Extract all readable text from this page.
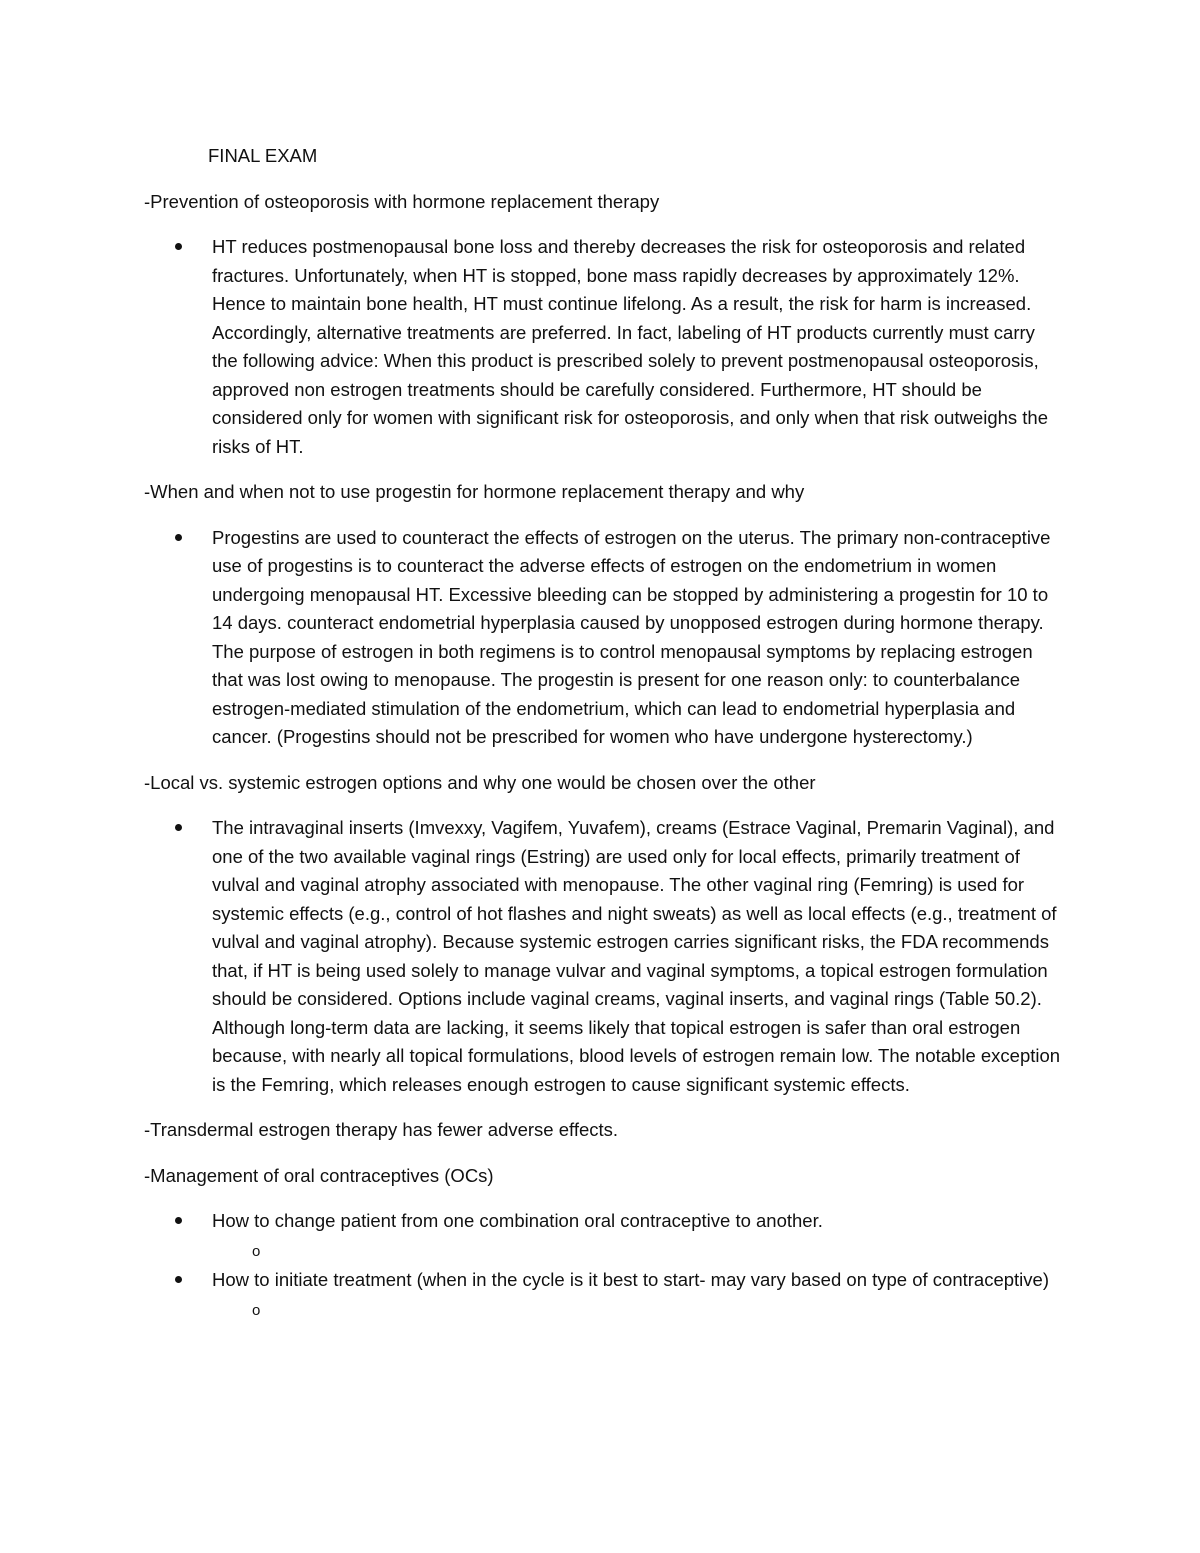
FINAL EXAM
-Prevention of osteoporosis with hormone replacement therapy
HT reduces postmenopausal bone loss and thereby decreases the risk for osteoporosis and related fractures. Unfortunately, when HT is stopped, bone mass rapidly decreases by approximately 12%. Hence to maintain bone health, HT must continue lifelong. As a result, the risk for harm is increased. Accordingly, alternative treatments are preferred. In fact, labeling of HT products currently must carry the following advice: When this product is prescribed solely to prevent postmenopausal osteoporosis, approved non estrogen treatments should be carefully considered. Furthermore, HT should be considered only for women with significant risk for osteoporosis, and only when that risk outweighs the risks of HT.
-When and when not to use progestin for hormone replacement therapy and why
Progestins are used to counteract the effects of estrogen on the uterus. The primary non-contraceptive use of progestins is to counteract the adverse effects of estrogen on the endometrium in women undergoing menopausal HT. Excessive bleeding can be stopped by administering a progestin for 10 to 14 days. counteract endometrial hyperplasia caused by unopposed estrogen during hormone therapy. The purpose of estrogen in both regimens is to control menopausal symptoms by replacing estrogen that was lost owing to menopause. The progestin is present for one reason only: to counterbalance estrogen-mediated stimulation of the endometrium, which can lead to endometrial hyperplasia and cancer. (Progestins should not be prescribed for women who have undergone hysterectomy.)
-Local vs. systemic estrogen options and why one would be chosen over the other
The intravaginal inserts (Imvexxy, Vagifem, Yuvafem), creams (Estrace Vaginal, Premarin Vaginal), and one of the two available vaginal rings (Estring) are used only for local effects, primarily treatment of vulval and vaginal atrophy associated with menopause. The other vaginal ring (Femring) is used for systemic effects (e.g., control of hot flashes and night sweats) as well as local effects (e.g., treatment of vulval and vaginal atrophy). Because systemic estrogen carries significant risks, the FDA recommends that, if HT is being used solely to manage vulvar and vaginal symptoms, a topical estrogen formulation should be considered. Options include vaginal creams, vaginal inserts, and vaginal rings (Table 50.2). Although long-term data are lacking, it seems likely that topical estrogen is safer than oral estrogen because, with nearly all topical formulations, blood levels of estrogen remain low. The notable exception is the Femring, which releases enough estrogen to cause significant systemic effects.
-Transdermal estrogen therapy has fewer adverse effects.
-Management of oral contraceptives (OCs)
How to change patient from one combination oral contraceptive to another.
o
How to initiate treatment (when in the cycle is it best to start- may vary based on type of contraceptive)
o
